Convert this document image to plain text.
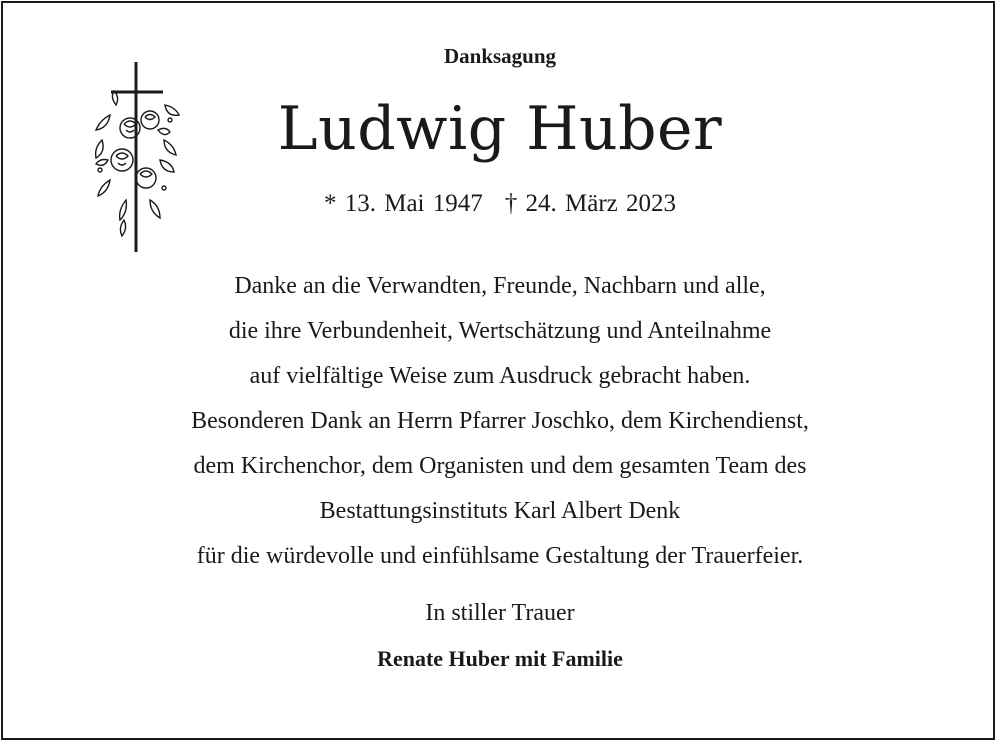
Danksagung
Ludwig Huber
* 13. Mai 1947 † 24. März 2023
Danke an die Verwandten, Freunde, Nachbarn und alle,
die ihre Verbundenheit, Wertschätzung und Anteilnahme
auf vielfältige Weise zum Ausdruck gebracht haben.
Besonderen Dank an Herrn Pfarrer Joschko, dem Kirchendienst,
dem Kirchenchor, dem Organisten und dem gesamten Team des
Bestattungsinstituts Karl Albert Denk
für die würdevolle und einfühlsame Gestaltung der Trauerfeier.
In stiller Trauer
Renate Huber mit Familie
